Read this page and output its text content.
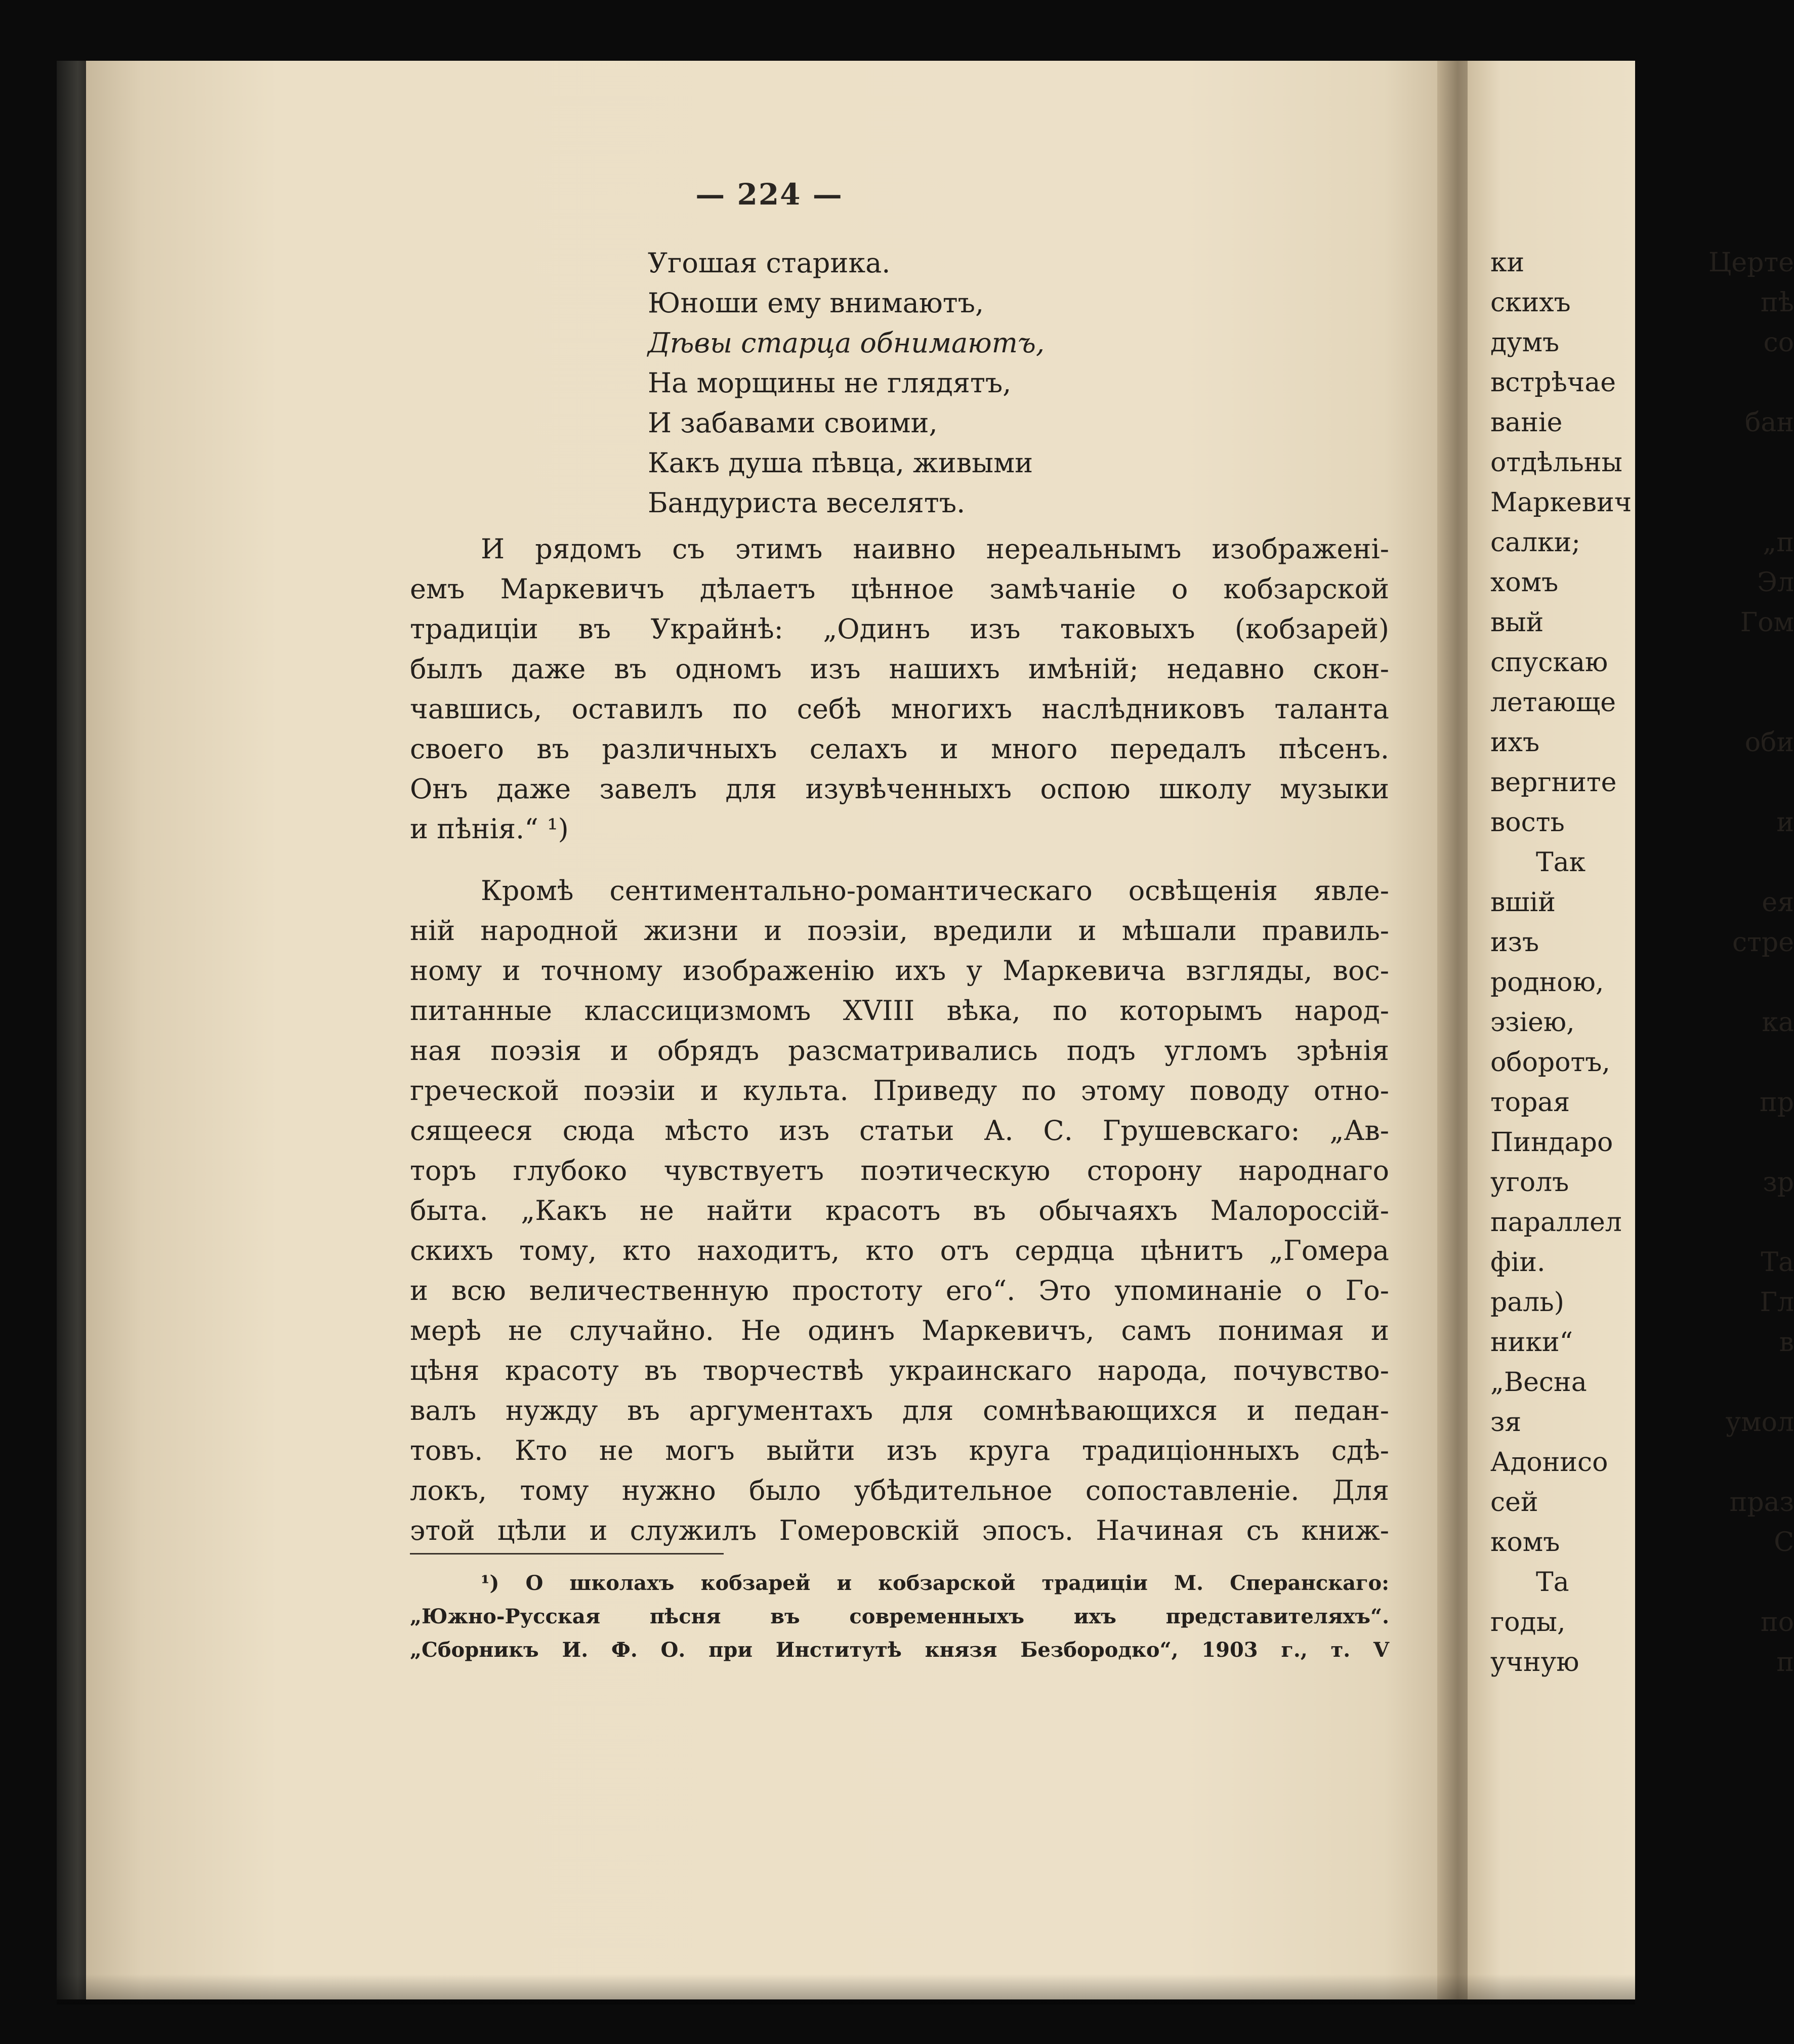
— 224 —
Угошая старика.
Юноши ему внимаютъ,
Дѣвы старца обнимаютъ,
На морщины не глядятъ,
И забавами своими,
Какъ душа пѣвца, живыми
Бандуриста веселятъ.
И рядомъ съ этимъ наивно нереальнымъ изображені-
емъ Маркевичъ дѣлаетъ цѣнное замѣчаніе о кобзарской
традиціи въ Украйнѣ: „Одинъ изъ таковыхъ (кобзарей)
былъ даже въ одномъ изъ нашихъ имѣній; недавно скон-
чавшись, оставилъ по себѣ многихъ наслѣдниковъ таланта
своего въ различныхъ селахъ и много передалъ пѣсенъ.
Онъ даже завелъ для изувѣченныхъ оспою школу музыки
и пѣнія.“ ¹)
Кромѣ сентиментально-романтическаго освѣщенія явле-
ній народной жизни и поэзіи, вредили и мѣшали правиль-
ному и точному изображенію ихъ у Маркевича взгляды, вос-
питанные классицизмомъ XVIII вѣка, по которымъ народ-
ная поэзія и обрядъ разсматривались подъ угломъ зрѣнія
греческой поэзіи и культа. Приведу по этому поводу отно-
сящееся сюда мѣсто изъ статьи А. С. Грушевскаго: „Ав-
торъ глубоко чувствуетъ поэтическую сторону народнаго
быта. „Какъ не найти красотъ въ обычаяхъ Малороссій-
скихъ тому, кто находитъ, кто отъ сердца цѣнитъ „Гомера
и всю величественную простоту его“. Это упоминаніе о Го-
мерѣ не случайно. Не одинъ Маркевичъ, самъ понимая и
цѣня красоту въ творчествѣ украинскаго народа, почувство-
валъ нужду въ аргументахъ для сомнѣвающихся и педан-
товъ. Кто не могъ выйти изъ круга традиціонныхъ сдѣ-
локъ, тому нужно было убѣдительное сопоставленіе. Для
этой цѣли и служилъ Гомеровскій эпосъ. Начиная съ книж-
¹) О школахъ кобзарей и кобзарской традиціи М. Сперанскаго:
„Южно-Русская пѣсня въ современныхъ ихъ представителяхъ“.
„Сборникъ И. Ф. О. при Институтѣ князя Безбородко“, 1903 г., т. V
ки Церте
скихъ пѣ
думъ со
встрѣчае
ваніе бан
отдѣльны
Маркевич
салки; „п
хомъ Эл
вый Гом
спускаю
летающе
ихъ оби
вергните
вость и
Так
вшій ея
изъ стре
родною,
эзіею, ка
оборотъ,
торая пр
Пиндаро
уголъ зр
параллел
фіи. Та
раль) Гл
ники“ в
„Весна
зя умол
Адонисо
сей праз
комъ С
Та
годы, по
учную п
